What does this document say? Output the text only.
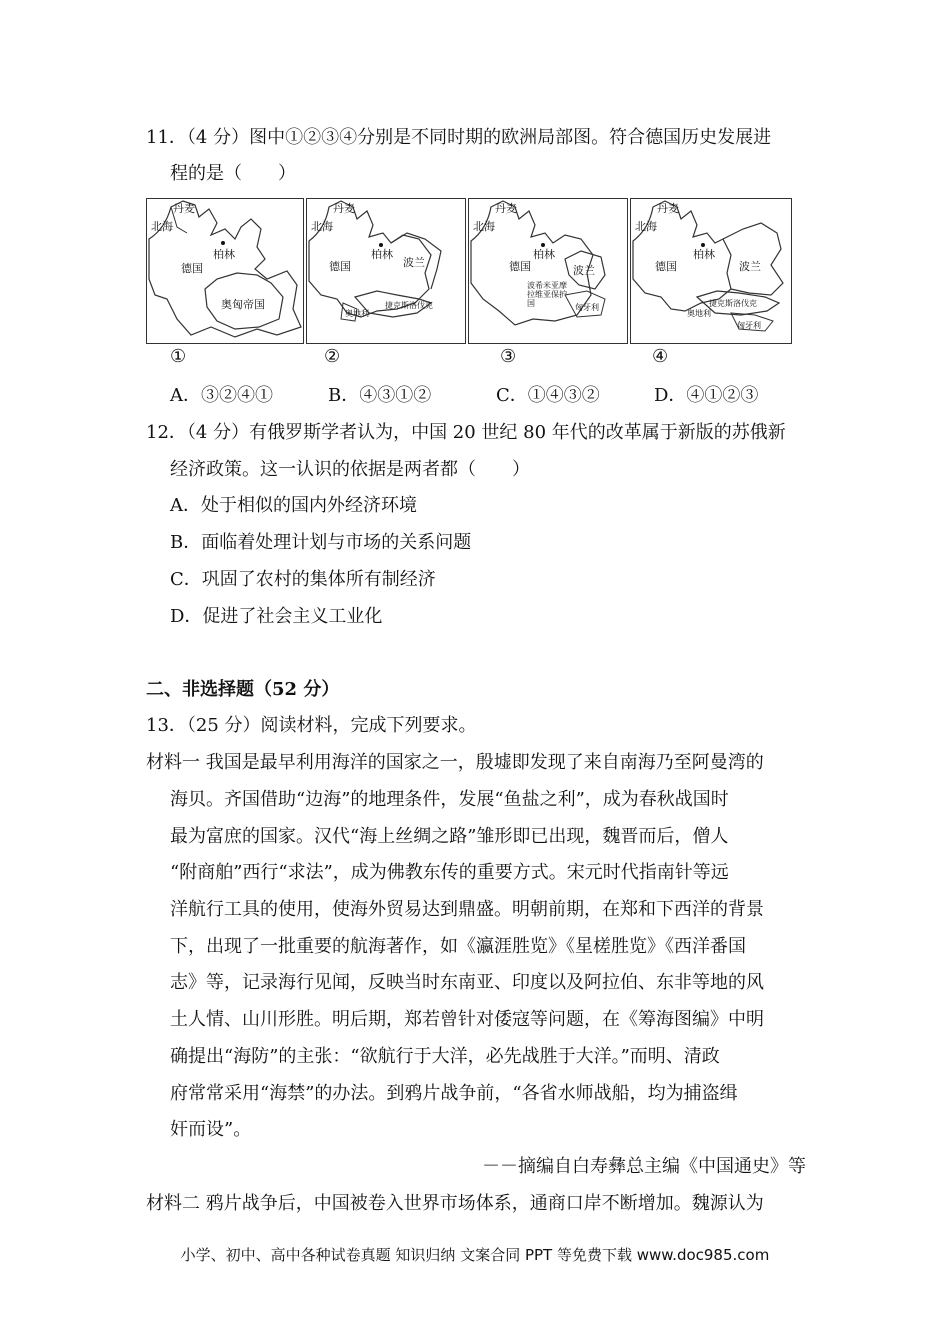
11．（4 分）图中①②③④分别是不同时期的欧洲局部图。符合德国历史发展进
程的是（　　）
丹麦
北海
柏林
德国
奥匈帝国
丹麦
北海
柏林
德国	波兰
捷克斯洛伐克
奥地利
丹麦
北海
柏林
德国	波兰
波希米亚摩拉维亚保护国	匈牙利
丹麦
北海
柏林
德国	波兰
捷克斯洛伐克
奥地利
匈牙利
①	②	③	④
A．③②④①	B．④③①②	C．①④③②	D．④①②③
12．（4 分）有俄罗斯学者认为，中国 20 世纪 80 年代的改革属于新版的苏俄新
经济政策。这一认识的依据是两者都（　　）
A．处于相似的国内外经济环境
B．面临着处理计划与市场的关系问题
C．巩固了农村的集体所有制经济
D．促进了社会主义工业化
二、非选择题（52 分）
13．（25 分）阅读材料，完成下列要求。
材料一 我国是最早利用海洋的国家之一，殷墟即发现了来自南海乃至阿曼湾的
海贝。齐国借助“边海”的地理条件，发展“鱼盐之利”，成为春秋战国时
最为富庶的国家。汉代“海上丝绸之路”雏形即已出现，魏晋而后，僧人
“附商舶”西行“求法”，成为佛教东传的重要方式。宋元时代指南针等远
洋航行工具的使用，使海外贸易达到鼎盛。明朝前期，在郑和下西洋的背景
下，出现了一批重要的航海著作，如《瀛涯胜览》《星槎胜览》《西洋番国
志》等，记录海行见闻，反映当时东南亚、印度以及阿拉伯、东非等地的风
土人情、山川形胜。明后期，郑若曾针对倭寇等问题，在《筹海图编》中明
确提出“海防”的主张：“欲航行于大洋，必先战胜于大洋。”而明、清政
府常常采用“海禁”的办法。到鸦片战争前，“各省水师战船，均为捕盗缉
奸而设”。
－－摘编自白寿彝总主编《中国通史》等
材料二 鸦片战争后，中国被卷入世界市场体系，通商口岸不断增加。魏源认为
小学、初中、高中各种试卷真题 知识归纳 文案合同 PPT 等免费下载 www.doc985.com
